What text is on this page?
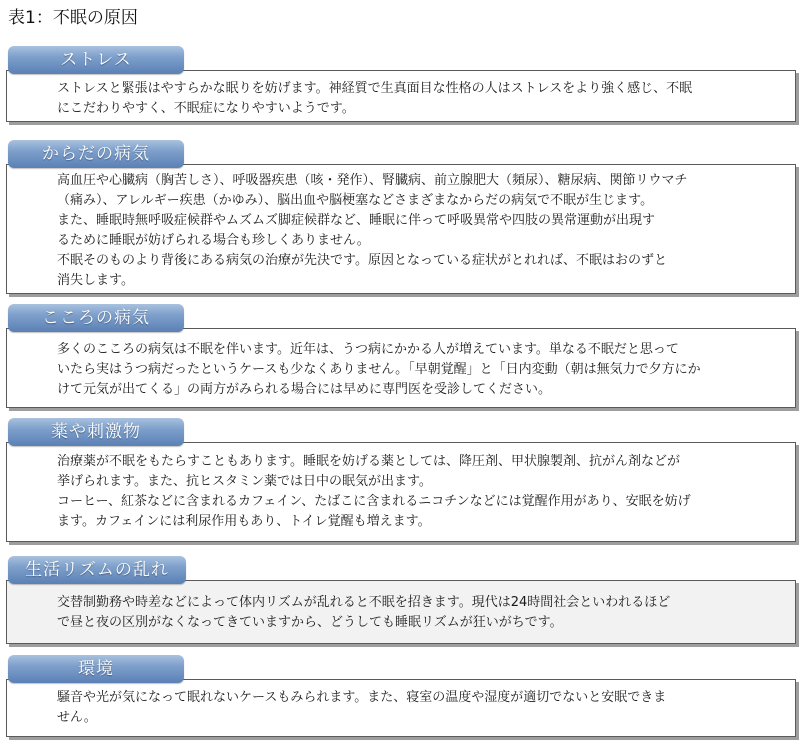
表1：不眠の原因
ストレス

ストレスと緊張はやすらかな眠りを妨げます。神経質で生真面目な性格の人はストレスをより強く感じ、不眠
にこだわりやすく、不眠症になりやすいようです。

からだの病気

高血圧や心臓病（胸苦しさ）、呼吸器疾患（咳・発作）、腎臓病、前立腺肥大（頻尿）、糖尿病、関節リウマチ
（痛み）、アレルギー疾患（かゆみ）、脳出血や脳梗塞などさまざまなからだの病気で不眠が生じます。
また、睡眠時無呼吸症候群やムズムズ脚症候群など、睡眠に伴って呼吸異常や四肢の異常運動が出現す
るために睡眠が妨げられる場合も珍しくありません。
不眠そのものより背後にある病気の治療が先決です。原因となっている症状がとれれば、不眠はおのずと
消失します。

こころの病気

多くのこころの病気は不眠を伴います。近年は、うつ病にかかる人が増えています。単なる不眠だと思って
いたら実はうつ病だったというケースも少なくありません。「早朝覚醒」と「日内変動（朝は無気力で夕方にか
けて元気が出てくる」の両方がみられる場合には早めに専門医を受診してください。

薬や刺激物

治療薬が不眠をもたらすこともあります。睡眠を妨げる薬としては、降圧剤、甲状腺製剤、抗がん剤などが
挙げられます。また、抗ヒスタミン薬では日中の眠気が出ます。
コーヒー、紅茶などに含まれるカフェイン、たばこに含まれるニコチンなどには覚醒作用があり、安眠を妨げ
ます。カフェインには利尿作用もあり、トイレ覚醒も増えます。

生活リズムの乱れ

交替制勤務や時差などによって体内リズムが乱れると不眠を招きます。現代は24時間社会といわれるほど
で昼と夜の区別がなくなってきていますから、どうしても睡眠リズムが狂いがちです。

環境

騒音や光が気になって眠れないケースもみられます。また、寝室の温度や湿度が適切でないと安眠できま
せん。
